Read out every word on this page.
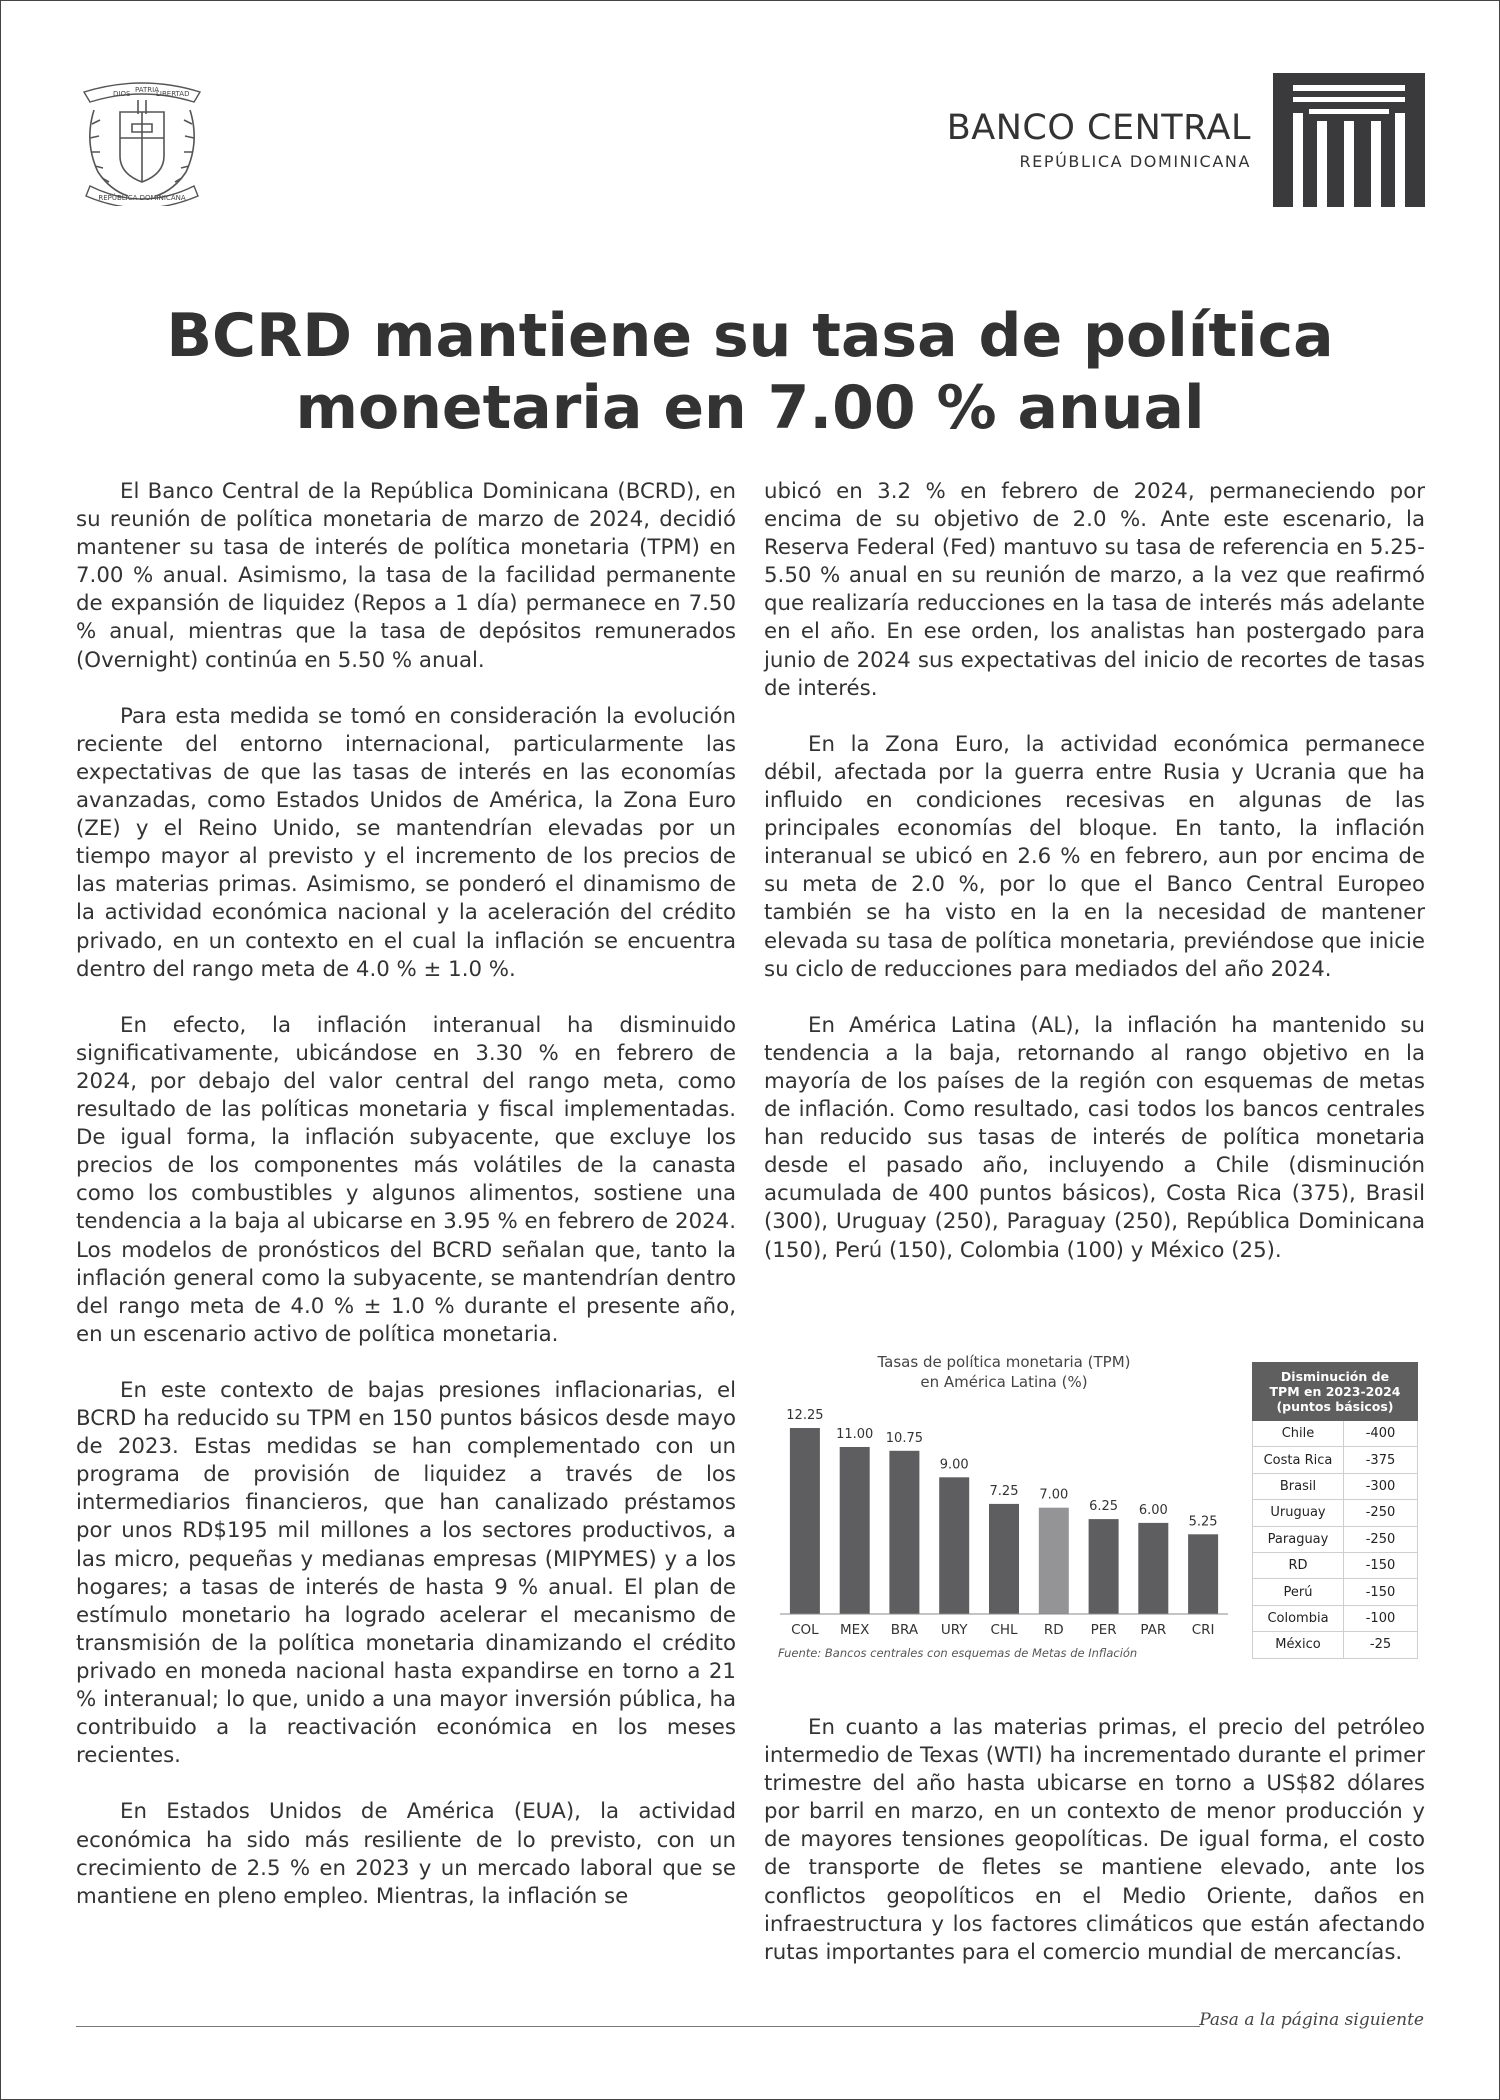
DIOS PATRIA
LIBERTAD
REPÚBLICA DOMINICANA
BANCO CENTRAL
REPÚBLICA DOMINICANA
BCRD mantiene su tasa de política
monetaria en 7.00 % anual

El Banco Central de la República Dominicana (BCRD), en su reunión de política monetaria de marzo de 2024, decidió mantener su tasa de interés de política monetaria (TPM) en 7.00 % anual. Asimismo, la tasa de la facilidad permanente de expansión de liquidez (Repos a 1 día) permanece en 7.50 % anual, mientras que la tasa de depósitos remunerados (Overnight) continúa en 5.50 % anual.

Para esta medida se tomó en consideración la evolución reciente del entorno internacional, particularmente las expectativas de que las tasas de interés en las economías avanzadas, como Estados Unidos de América, la Zona Euro (ZE) y el Reino Unido, se mantendrían elevadas por un tiempo mayor al previsto y el incremento de los precios de las materias primas. Asimismo, se ponderó el dinamismo de la actividad económica nacional y la aceleración del crédito privado, en un contexto en el cual la inflación se encuentra dentro del rango meta de 4.0 % ± 1.0 %.

En efecto, la inflación interanual ha disminuido significativamente, ubicándose en 3.30 % en febrero de 2024, por debajo del valor central del rango meta, como resultado de las políticas monetaria y fiscal implementadas. De igual forma, la inflación subyacente, que excluye los precios de los componentes más volátiles de la canasta como los combustibles y algunos alimentos, sostiene una tendencia a la baja al ubicarse en 3.95 % en febrero de 2024. Los modelos de pronósticos del BCRD señalan que, tanto la inflación general como la subyacente, se mantendrían dentro del rango meta de 4.0 % ± 1.0 % durante el presente año, en un escenario activo de política monetaria.

En este contexto de bajas presiones inflacionarias, el BCRD ha reducido su TPM en 150 puntos básicos desde mayo de 2023. Estas medidas se han complementado con un programa de provisión de liquidez a través de los intermediarios financieros, que han canalizado préstamos por unos RD$195 mil millones a los sectores productivos, a las micro, pequeñas y medianas empresas (MIPYMES) y a los hogares; a tasas de interés de hasta 9 % anual. El plan de estímulo monetario ha logrado acelerar el mecanismo de transmisión de la política monetaria dinamizando el crédito privado en moneda nacional hasta expandirse en torno a 21 % interanual; lo que, unido a una mayor inversión pública, ha contribuido a la reactivación económica en los meses recientes.

En Estados Unidos de América (EUA), la actividad económica ha sido más resiliente de lo previsto, con un crecimiento de 2.5 % en 2023 y un mercado laboral que se mantiene en pleno empleo. Mientras, la inflación se

ubicó en 3.2 % en febrero de 2024, permaneciendo por encima de su objetivo de 2.0 %. Ante este escenario, la Reserva Federal (Fed) mantuvo su tasa de referencia en 5.25-5.50 % anual en su reunión de marzo, a la vez que reafirmó que realizaría reducciones en la tasa de interés más adelante en el año. En ese orden, los analistas han postergado para junio de 2024 sus expectativas del inicio de recortes de tasas de interés.

En la Zona Euro, la actividad económica permanece débil, afectada por la guerra entre Rusia y Ucrania que ha influido en condiciones recesivas en algunas de las principales economías del bloque. En tanto, la inflación interanual se ubicó en 2.6 % en febrero, aun por encima de su meta de 2.0 %, por lo que el Banco Central Europeo también se ha visto en la en la necesidad de mantener elevada su tasa de política monetaria, previéndose que inicie su ciclo de reducciones para mediados del año 2024.

En América Latina (AL), la inflación ha mantenido su tendencia a la baja, retornando al rango objetivo en la mayoría de los países de la región con esquemas de metas de inflación. Como resultado, casi todos los bancos centrales han reducido sus tasas de interés de política monetaria desde el pasado año, incluyendo a Chile (disminución acumulada de 400 puntos básicos), Costa Rica (375), Brasil (300), Uruguay (250), Paraguay (250), República Dominicana (150), Perú (150), Colombia (100) y México (25).

Tasas de política monetaria (TPM)
en América Latina (%)
12.25
COL
11.00
MEX
10.75
BRA
9.00
URY
7.25
CHL
7.00
RD
6.25
PER
6.00
PAR
5.25
CRI
Fuente: Bancos centrales con esquemas de Metas de Inflación
Disminución de
TPM en 2023-2024
(puntos básicos)	

Chile	-400
Costa Rica	-375
Brasil	-300
Uruguay	-250
Paraguay	-250
RD	-150
Perú	-150
Colombia	-100
México	-25

En cuanto a las materias primas, el precio del petróleo intermedio de Texas (WTI) ha incrementado durante el primer trimestre del año hasta ubicarse en torno a US$82 dólares por barril en marzo, en un contexto de menor producción y de mayores tensiones geopolíticas. De igual forma, el costo de transporte de fletes se mantiene elevado, ante los conflictos geopolíticos en el Medio Oriente, daños en infraestructura y los factores climáticos que están afectando rutas importantes para el comercio mundial de mercancías.

Pasa a la página siguiente
